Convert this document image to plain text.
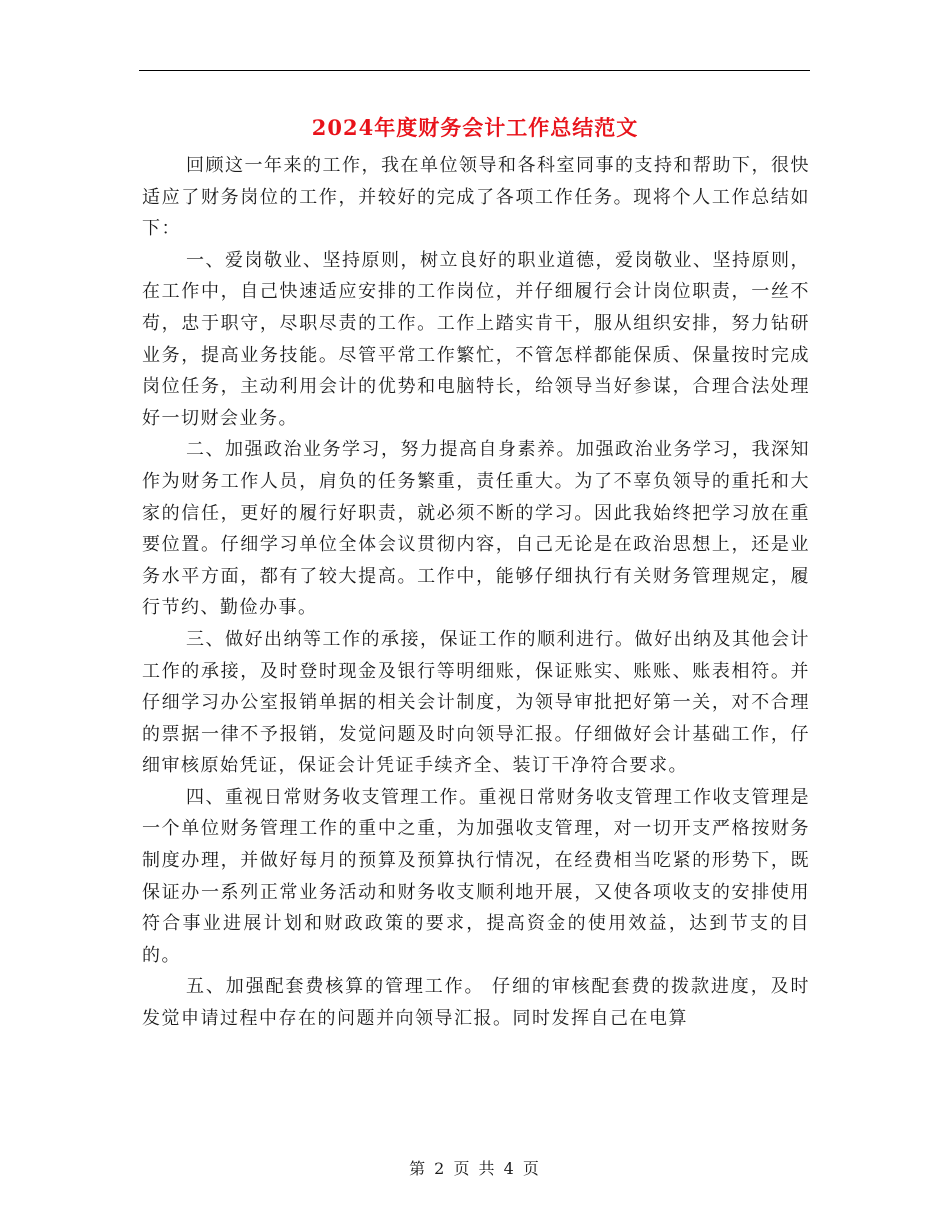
2024年度财务会计工作总结范文

回顾这一年来的工作，我在单位领导和各科室同事的支持和帮助下，很快适应了财务岗位的工作，并较好的完成了各项工作任务。现将个人工作总结如下：

一、爱岗敬业、坚持原则，树立良好的职业道德，爱岗敬业、坚持原则，在工作中，自己快速适应安排的工作岗位，并仔细履行会计岗位职责，一丝不苟，忠于职守，尽职尽责的工作。工作上踏实肯干，服从组织安排，努力钻研业务，提高业务技能。尽管平常工作繁忙，不管怎样都能保质、保量按时完成岗位任务，主动利用会计的优势和电脑特长，给领导当好参谋，合理合法处理好一切财会业务。

二、加强政治业务学习，努力提高自身素养。加强政治业务学习，我深知作为财务工作人员，肩负的任务繁重，责任重大。为了不辜负领导的重托和大家的信任，更好的履行好职责，就必须不断的学习。因此我始终把学习放在重要位置。仔细学习单位全体会议贯彻内容，自己无论是在政治思想上，还是业务水平方面，都有了较大提高。工作中，能够仔细执行有关财务管理规定，履行节约、勤俭办事。

三、做好出纳等工作的承接，保证工作的顺利进行。做好出纳及其他会计工作的承接，及时登时现金及银行等明细账，保证账实、账账、账表相符。并仔细学习办公室报销单据的相关会计制度，为领导审批把好第一关，对不合理的票据一律不予报销，发觉问题及时向领导汇报。仔细做好会计基础工作，仔细审核原始凭证，保证会计凭证手续齐全、装订干净符合要求。

四、重视日常财务收支管理工作。重视日常财务收支管理工作收支管理是一个单位财务管理工作的重中之重，为加强收支管理，对一切开支严格按财务制度办理，并做好每月的预算及预算执行情况，在经费相当吃紧的形势下，既保证办一系列正常业务活动和财务收支顺利地开展，又使各项收支的安排使用符合事业进展计划和财政政策的要求，提高资金的使用效益，达到节支的目的。

五、加强配套费核算的管理工作。 仔细的审核配套费的拨款进度，及时发觉申请过程中存在的问题并向领导汇报。同时发挥自己在电算

第 2 页 共 4 页
